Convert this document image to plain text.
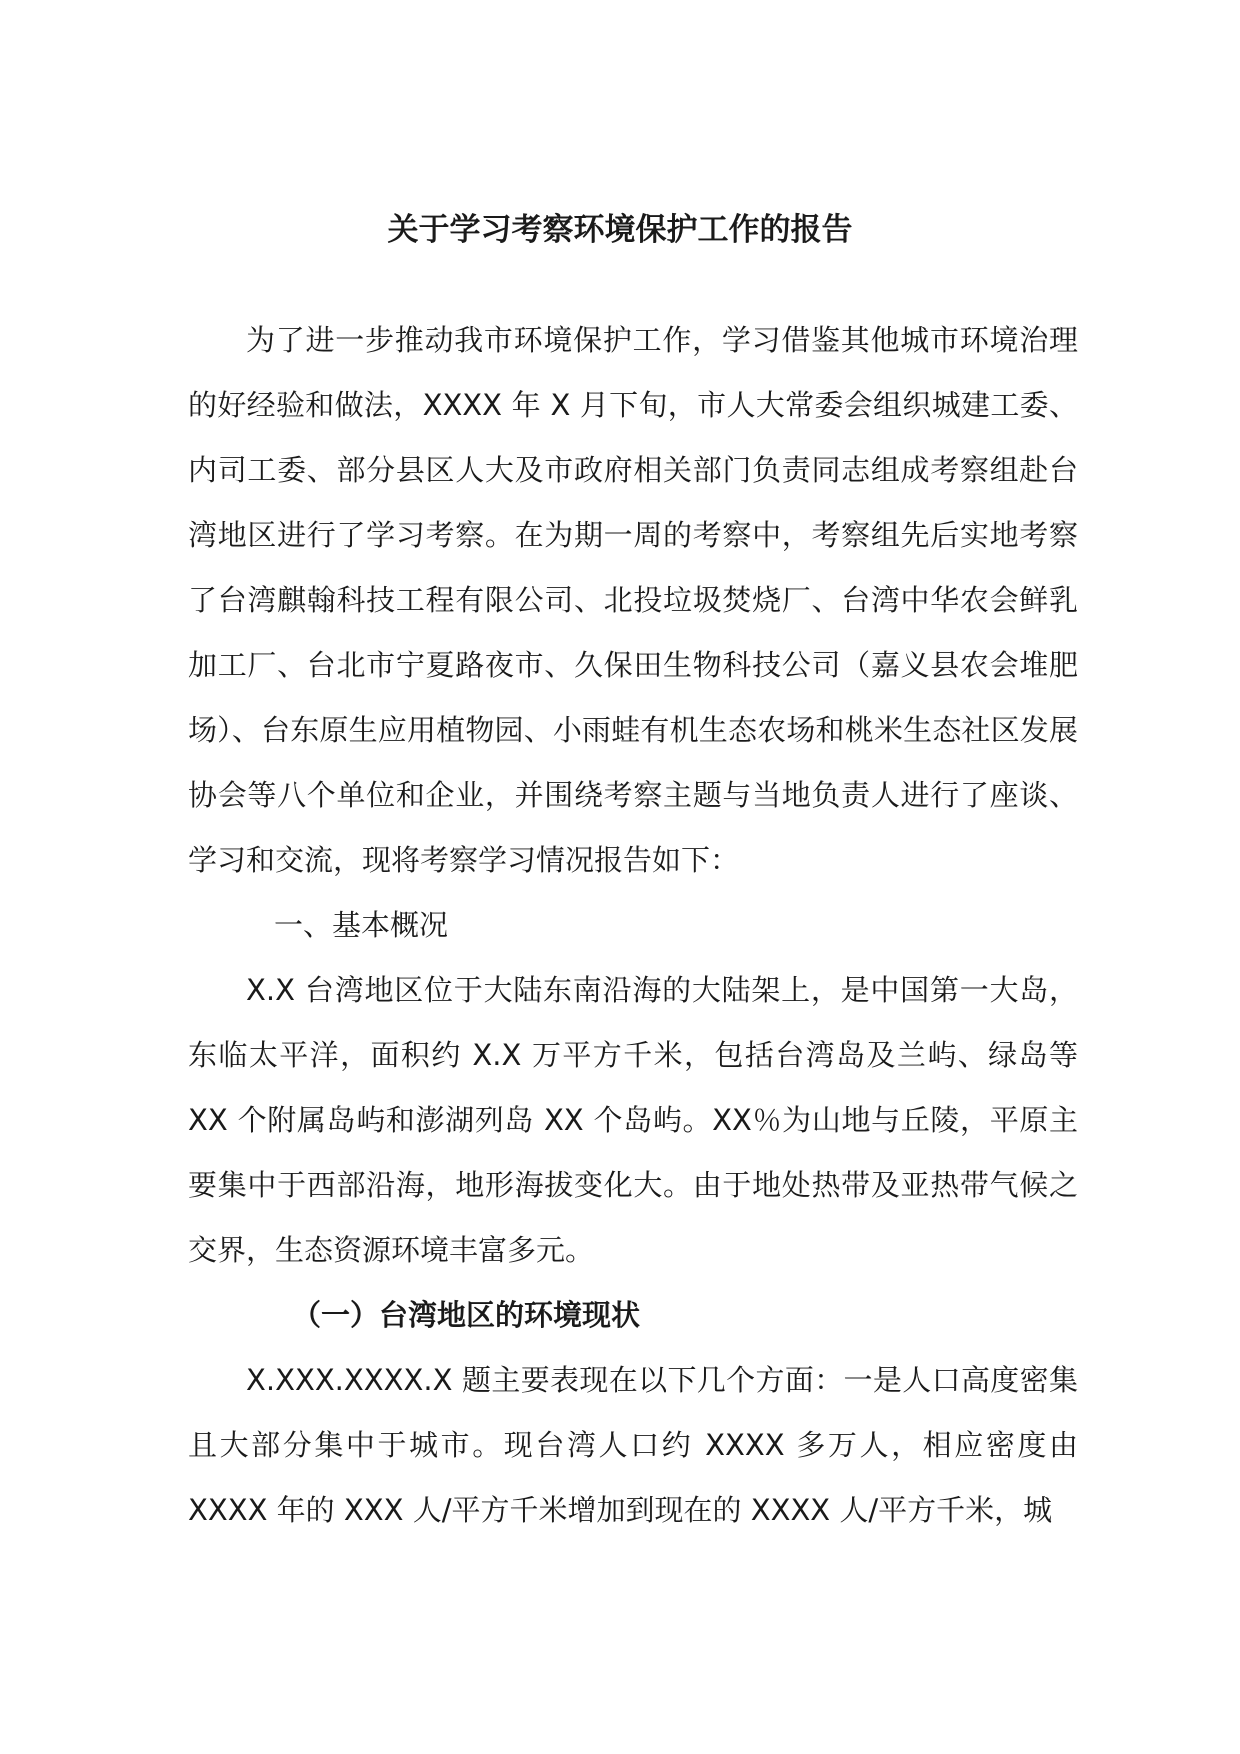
关于学习考察环境保护工作的报告

为了进一步推动我市环境保护工作，学习借鉴其他城市环境治理的好经验和做法，XXXX 年 X 月下旬，市人大常委会组织城建工委、内司工委、部分县区人大及市政府相关部门负责同志组成考察组赴台湾地区进行了学习考察。在为期一周的考察中，考察组先后实地考察了台湾麒翰科技工程有限公司、北投垃圾焚烧厂、台湾中华农会鲜乳加工厂、台北市宁夏路夜市、久保田生物科技公司（嘉义县农会堆肥场）、台东原生应用植物园、小雨蛙有机生态农场和桃米生态社区发展协会等八个单位和企业，并围绕考察主题与当地负责人进行了座谈、学习和交流，现将考察学习情况报告如下：

一、基本概况

X.X 台湾地区位于大陆东南沿海的大陆架上，是中国第一大岛，东临太平洋，面积约 X.X 万平方千米，包括台湾岛及兰屿、绿岛等 XX 个附属岛屿和澎湖列岛 XX 个岛屿。XX％为山地与丘陵，平原主要集中于西部沿海，地形海拔变化大。由于地处热带及亚热带气候之交界，生态资源环境丰富多元。

（一）台湾地区的环境现状

X.XXX.XXXX.X 题主要表现在以下几个方面：一是人口高度密集且大部分集中于城市。现台湾人口约 XXXX 多万人，相应密度由 XXXX 年的 XXX 人/平方千米增加到现在的 XXXX 人/平方千米，城
